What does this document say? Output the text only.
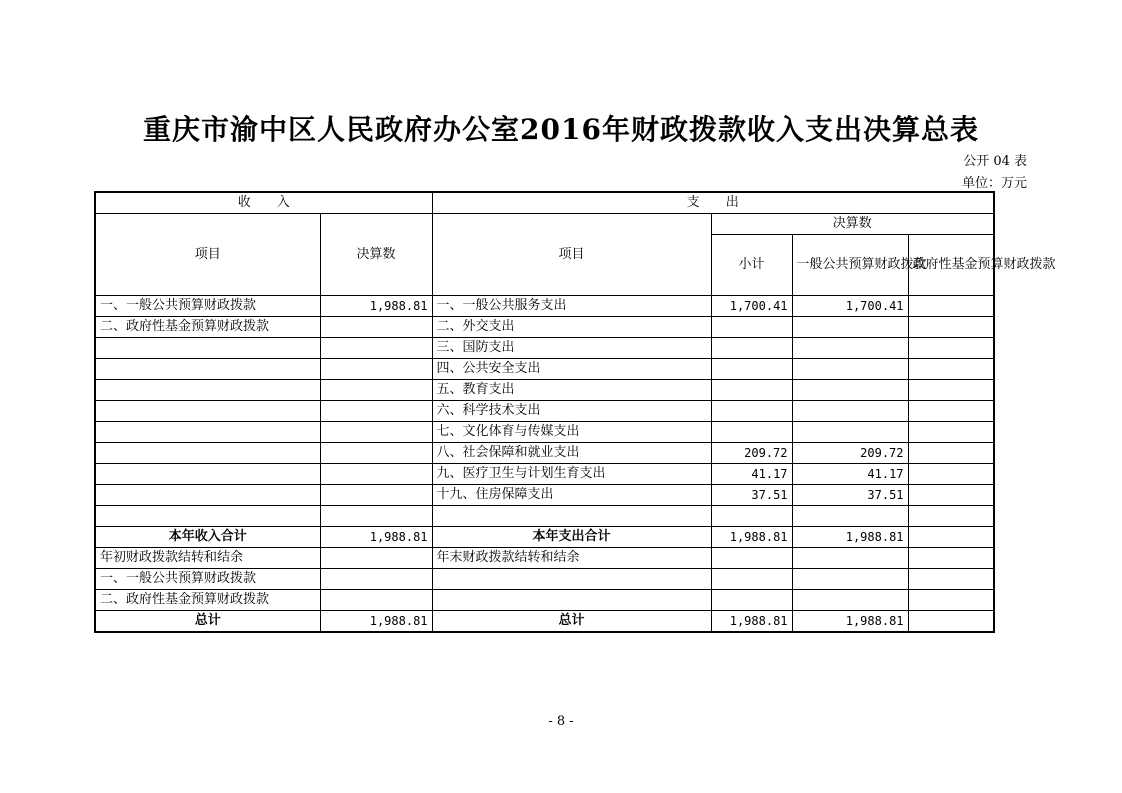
重庆市渝中区人民政府办公室2016年财政拨款收入支出决算总表
公开 04 表
单位：万元
收　　入		支　　出			
项目	决算数	项目	决算数		
			小计	一般公共预算财政拨款	政府性基金预算财政拨款
一、一般公共预算财政拨款	1,988.81	一、一般公共服务支出	1,700.41	1,700.41	
二、政府性基金预算财政拨款		二、外交支出			
		三、国防支出			
		四、公共安全支出			
		五、教育支出			
		六、科学技术支出			
		七、文化体育与传媒支出			
		八、社会保障和就业支出	209.72	209.72	
		九、医疗卫生与计划生育支出	41.17	41.17	
		十九、住房保障支出	37.51	37.51	

本年收入合计	1,988.81	本年支出合计	1,988.81	1,988.81	
年初财政拨款结转和结余		年末财政拨款结转和结余			
一、一般公共预算财政拨款					
二、政府性基金预算财政拨款					
总计	1,988.81	总计	1,988.81	1,988.81	
- 8 -
